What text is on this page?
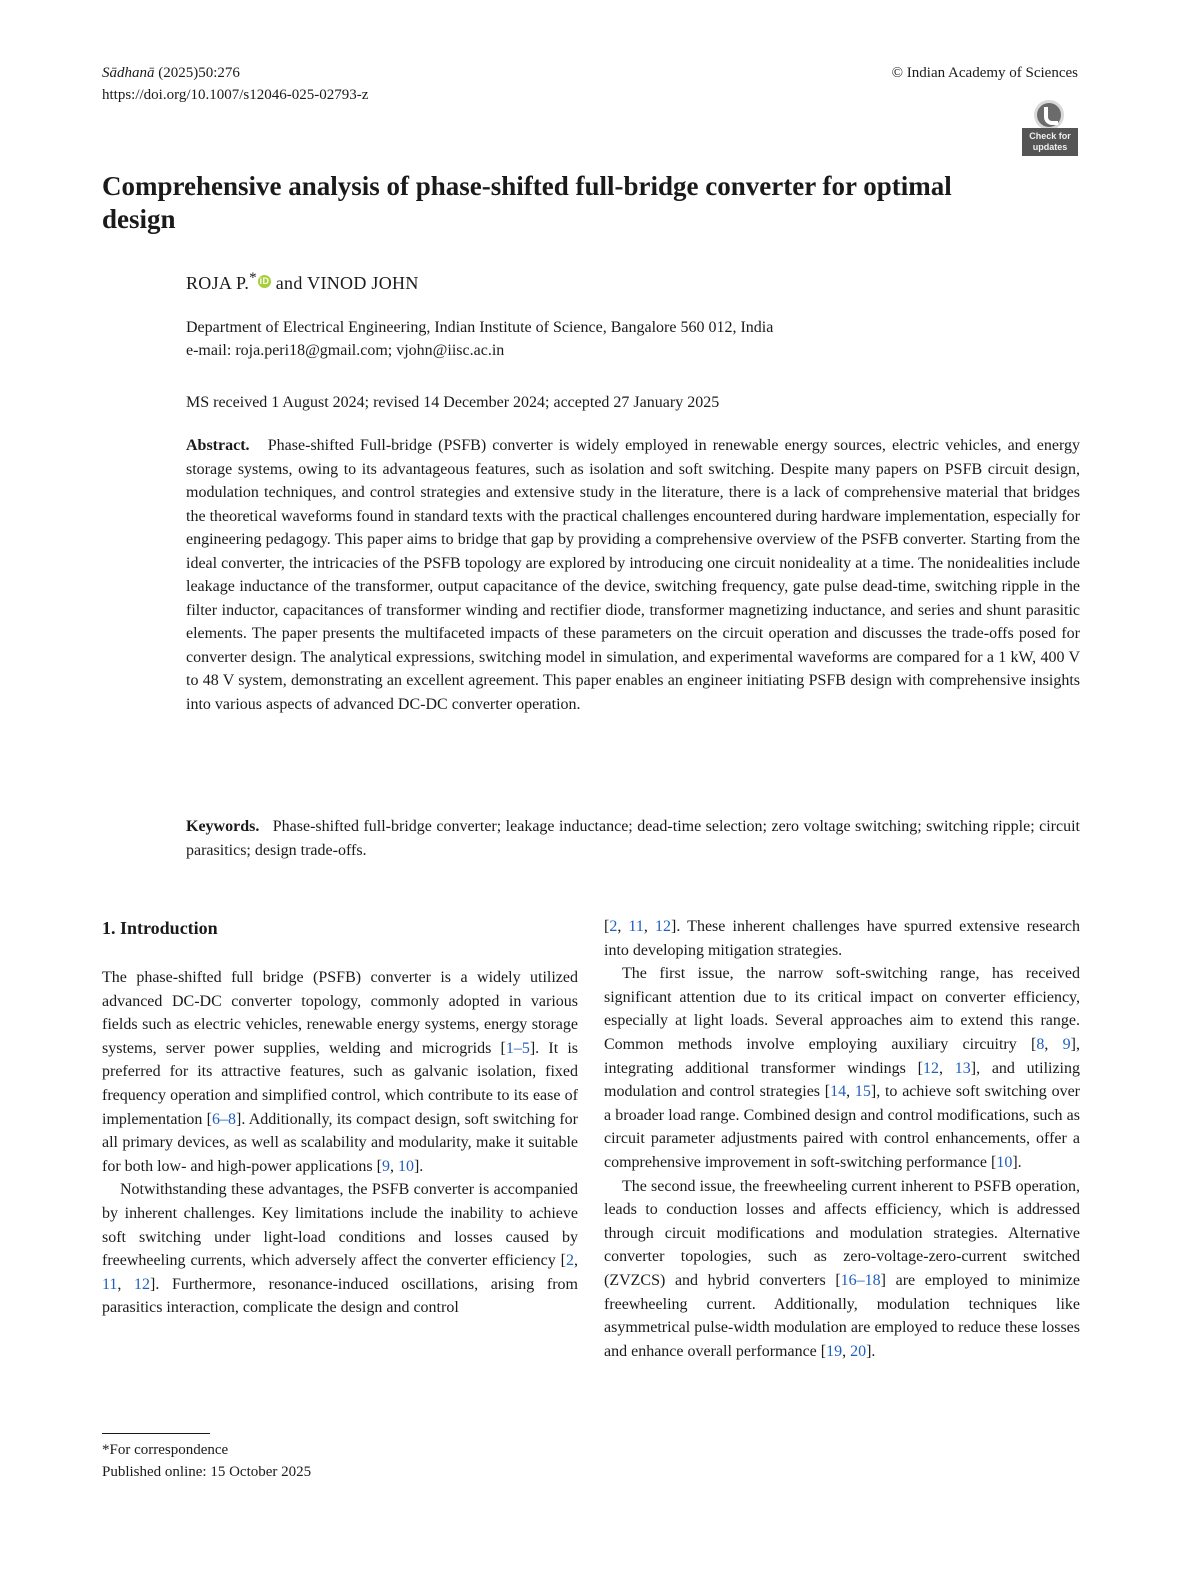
Sādhanā (2025)50:276
https://doi.org/10.1007/s12046-025-02793-z
© Indian Academy of Sciences
Check for updates
Comprehensive analysis of phase-shifted full-bridge converter for optimal design
ROJA P.* iD and VINOD JOHN
Department of Electrical Engineering, Indian Institute of Science, Bangalore 560 012, India
e-mail: roja.peri18@gmail.com; vjohn@iisc.ac.in
MS received 1 August 2024; revised 14 December 2024; accepted 27 January 2025
Abstract. Phase-shifted Full-bridge (PSFB) converter is widely employed in renewable energy sources, electric vehicles, and energy storage systems, owing to its advantageous features, such as isolation and soft switching. Despite many papers on PSFB circuit design, modulation techniques, and control strategies and extensive study in the literature, there is a lack of comprehensive material that bridges the theoretical waveforms found in standard texts with the practical challenges encountered during hardware implementation, especially for engineering pedagogy. This paper aims to bridge that gap by providing a comprehensive overview of the PSFB converter. Starting from the ideal converter, the intricacies of the PSFB topology are explored by introducing one circuit nonideality at a time. The nonidealities include leakage inductance of the transformer, output capacitance of the device, switching frequency, gate pulse dead-time, switching ripple in the filter inductor, capacitances of transformer winding and rectifier diode, transformer magnetizing inductance, and series and shunt parasitic elements. The paper presents the multifaceted impacts of these parameters on the circuit operation and discusses the trade-offs posed for converter design. The analytical expressions, switching model in simulation, and experimental waveforms are compared for a 1 kW, 400 V to 48 V system, demonstrating an excellent agreement. This paper enables an engineer initiating PSFB design with comprehensive insights into various aspects of advanced DC-DC converter operation.
Keywords. Phase-shifted full-bridge converter; leakage inductance; dead-time selection; zero voltage switching; switching ripple; circuit parasitics; design trade-offs.

1. Introduction

The phase-shifted full bridge (PSFB) converter is a widely utilized advanced DC-DC converter topology, commonly adopted in various fields such as electric vehicles, renewable energy systems, energy storage systems, server power supplies, welding and microgrids [1–5]. It is preferred for its attractive features, such as galvanic isolation, fixed frequency operation and simplified control, which contribute to its ease of implementation [6–8]. Additionally, its compact design, soft switching for all primary devices, as well as scalability and modularity, make it suitable for both low- and high-power applications [9, 10].

Notwithstanding these advantages, the PSFB converter is accompanied by inherent challenges. Key limitations include the inability to achieve soft switching under light-load conditions and losses caused by freewheeling currents, which adversely affect the converter efficiency [2, 11, 12]. Furthermore, resonance-induced oscillations, arising from parasitics interaction, complicate the design and control

[2, 11, 12]. These inherent challenges have spurred extensive research into developing mitigation strategies.

The first issue, the narrow soft-switching range, has received significant attention due to its critical impact on converter efficiency, especially at light loads. Several approaches aim to extend this range. Common methods involve employing auxiliary circuitry [8, 9], integrating additional transformer windings [12, 13], and utilizing modulation and control strategies [14, 15], to achieve soft switching over a broader load range. Combined design and control modifications, such as circuit parameter adjustments paired with control enhancements, offer a comprehensive improvement in soft-switching performance [10].

The second issue, the freewheeling current inherent to PSFB operation, leads to conduction losses and affects efficiency, which is addressed through circuit modifications and modulation strategies. Alternative converter topologies, such as zero-voltage-zero-current switched (ZVZCS) and hybrid converters [16–18] are employed to minimize freewheeling current. Additionally, modulation techniques like asymmetrical pulse-width modulation are employed to reduce these losses and enhance overall performance [19, 20].

*For correspondence
Published online: 15 October 2025
